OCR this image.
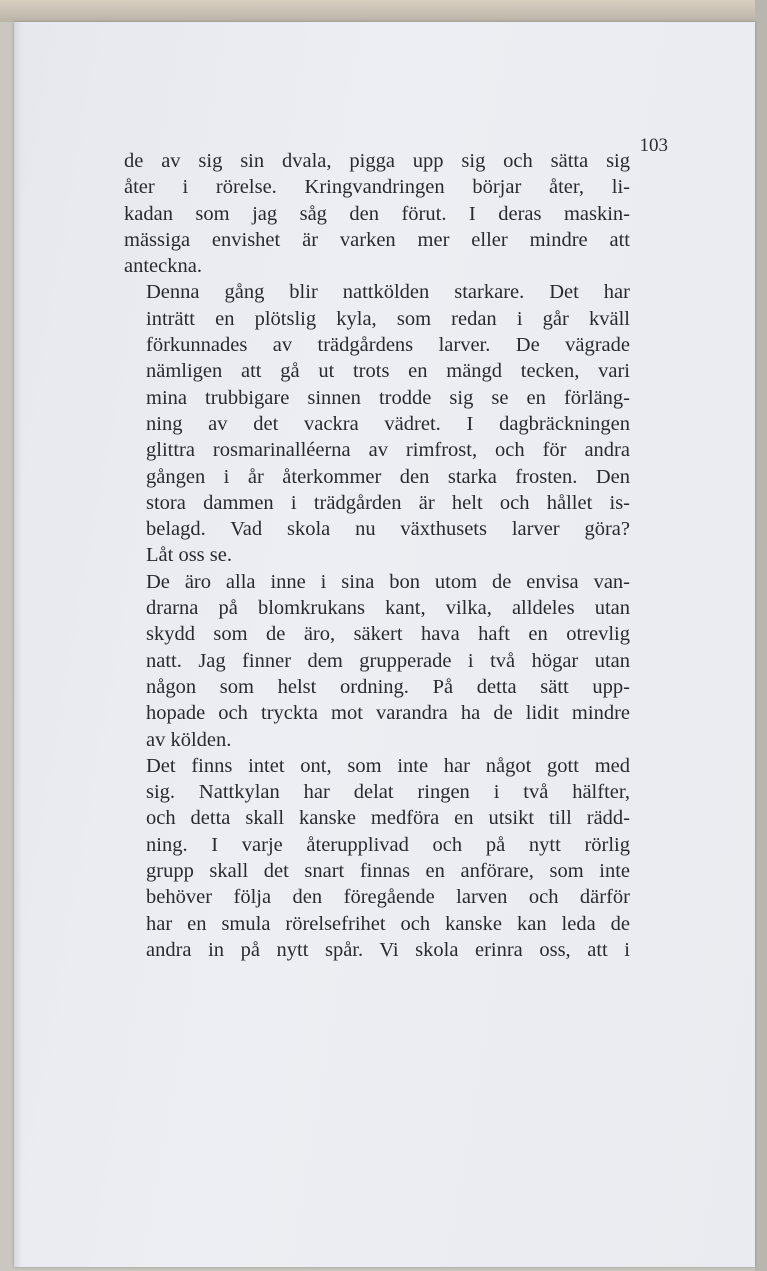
103

de av sig sin dvala, pigga upp sig och sätta sig
åter i rörelse. Kringvandringen börjar åter, li-
kadan som jag såg den förut. I deras maskin-
mässiga envishet är varken mer eller mindre att
anteckna.

Denna gång blir nattkölden starkare. Det har
inträtt en plötslig kyla, som redan i går kväll
förkunnades av trädgårdens larver. De vägrade
nämligen att gå ut trots en mängd tecken, vari
mina trubbigare sinnen trodde sig se en förläng-
ning av det vackra vädret. I dagbräckningen
glittra rosmarinalléerna av rimfrost, och för andra
gången i år återkommer den starka frosten. Den
stora dammen i trädgården är helt och hållet is-
belagd. Vad skola nu växthusets larver göra?
Låt oss se.

De äro alla inne i sina bon utom de envisa van-
drarna på blomkrukans kant, vilka, alldeles utan
skydd som de äro, säkert hava haft en otrevlig
natt. Jag finner dem grupperade i två högar utan
någon som helst ordning. På detta sätt upp-
hopade och tryckta mot varandra ha de lidit mindre
av kölden.

Det finns intet ont, som inte har något gott med
sig. Nattkylan har delat ringen i två hälfter,
och detta skall kanske medföra en utsikt till rädd-
ning. I varje återupplivad och på nytt rörlig
grupp skall det snart finnas en anförare, som inte
behöver följa den föregående larven och därför
har en smula rörelsefrihet och kanske kan leda de
andra in på nytt spår. Vi skola erinra oss, att i
